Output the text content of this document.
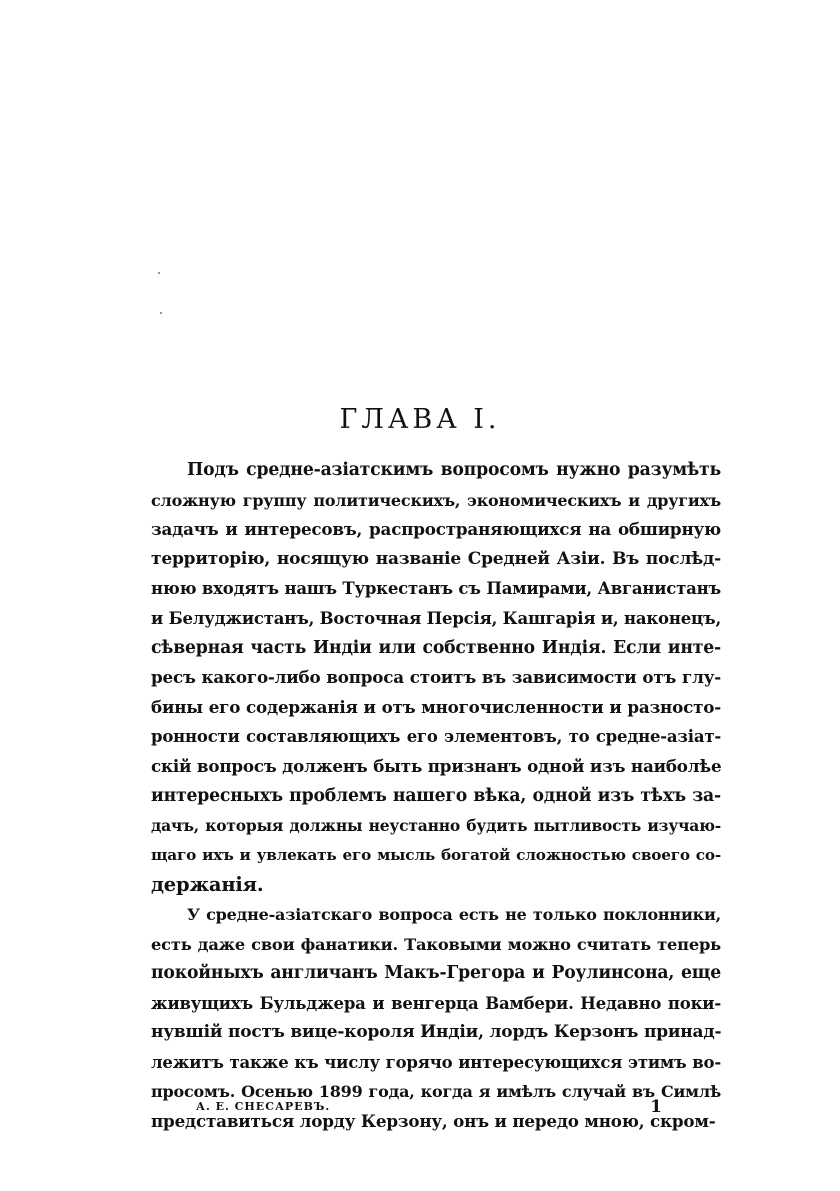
ГЛАВА I.
Подъ средне-азіатскимъ вопросомъ нужно разумѣть
сложную группу политическихъ, экономическихъ и другихъ
задачъ и интересовъ, распространяющихся на обширную
территорію, носящую названіе Средней Азіи. Въ послѣд-
нюю входятъ нашъ Туркестанъ съ Памирами, Авганистанъ
и Белуджистанъ, Восточная Персія, Кашгарія и, наконецъ,
сѣверная часть Индіи или собственно Индія. Если инте-
ресъ какого-либо вопроса стоитъ въ зависимости отъ глу-
бины его содержанія и отъ многочисленности и разносто-
ронности составляющихъ его элементовъ, то средне-азіат-
скій вопросъ долженъ быть признанъ одной изъ наиболѣе
интересныхъ проблемъ нашего вѣка, одной изъ тѣхъ за-
дачъ, которыя должны неустанно будить пытливость изучаю-
щаго ихъ и увлекать его мысль богатой сложностью своего со-
держанія.
У средне-азіатскаго вопроса есть не только поклонники,
есть даже свои фанатики. Таковыми можно считать теперь
покойныхъ англичанъ Макъ-Грегора и Роулинсона, еще
живущихъ Бульджера и венгерца Вамбери. Недавно поки-
нувшій постъ вице-короля Индіи, лордъ Керзонъ принад-
лежитъ также къ числу горячо интересующихся этимъ во-
просомъ. Осенью 1899 года, когда я имѣлъ случай въ Симлѣ
представиться лорду Керзону, онъ и передо мною, скром-
А. Е. СНЕСАРЕВЪ.	1
